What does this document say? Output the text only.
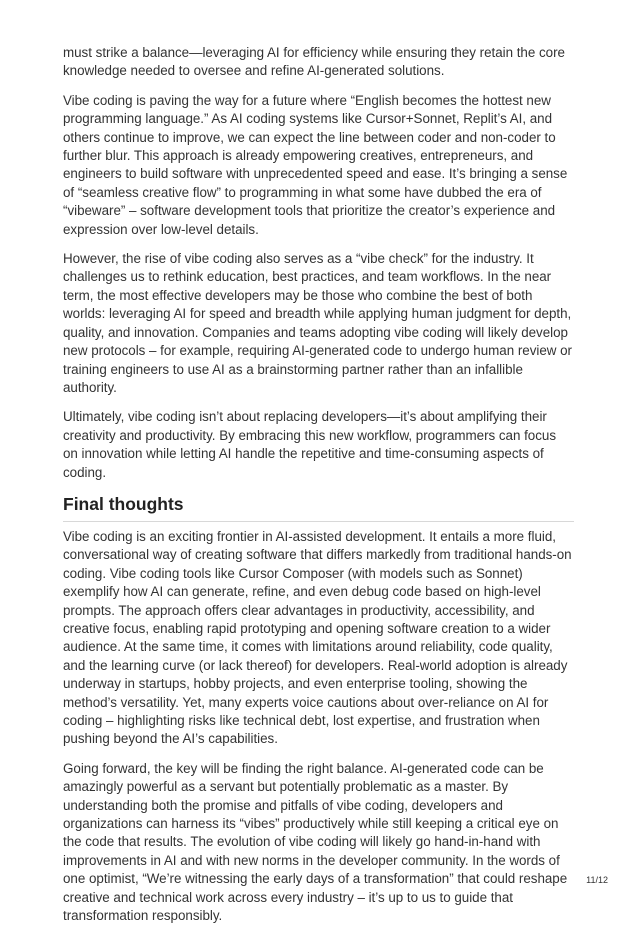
must strike a balance—leveraging AI for efficiency while ensuring they retain the core knowledge needed to oversee and refine AI-generated solutions.

Vibe coding is paving the way for a future where “English becomes the hottest new programming language.” As AI coding systems like Cursor+Sonnet, Replit’s AI, and others continue to improve, we can expect the line between coder and non-coder to further blur. This approach is already empowering creatives, entrepreneurs, and engineers to build software with unprecedented speed and ease. It’s bringing a sense of “seamless creative flow” to programming in what some have dubbed the era of “vibeware” – software development tools that prioritize the creator’s experience and expression over low-level details.

However, the rise of vibe coding also serves as a “vibe check” for the industry. It challenges us to rethink education, best practices, and team workflows. In the near term, the most effective developers may be those who combine the best of both worlds: leveraging AI for speed and breadth while applying human judgment for depth, quality, and innovation. Companies and teams adopting vibe coding will likely develop new protocols – for example, requiring AI-generated code to undergo human review or training engineers to use AI as a brainstorming partner rather than an infallible authority.

Ultimately, vibe coding isn’t about replacing developers—it’s about amplifying their creativity and productivity. By embracing this new workflow, programmers can focus on innovation while letting AI handle the repetitive and time-consuming aspects of coding.

Final thoughts

Vibe coding is an exciting frontier in AI-assisted development. It entails a more fluid, conversational way of creating software that differs markedly from traditional hands-on coding. Vibe coding tools like Cursor Composer (with models such as Sonnet) exemplify how AI can generate, refine, and even debug code based on high-level prompts. The approach offers clear advantages in productivity, accessibility, and creative focus, enabling rapid prototyping and opening software creation to a wider audience. At the same time, it comes with limitations around reliability, code quality, and the learning curve (or lack thereof) for developers. Real-world adoption is already underway in startups, hobby projects, and even enterprise tooling, showing the method’s versatility. Yet, many experts voice cautions about over-reliance on AI for coding – highlighting risks like technical debt, lost expertise, and frustration when pushing beyond the AI’s capabilities.

Going forward, the key will be finding the right balance. AI-generated code can be amazingly powerful as a servant but potentially problematic as a master. By understanding both the promise and pitfalls of vibe coding, developers and organizations can harness its “vibes” productively while still keeping a critical eye on the code that results. The evolution of vibe coding will likely go hand-in-hand with improvements in AI and with new norms in the developer community. In the words of one optimist, “We’re witnessing the early days of a transformation” that could reshape creative and technical work across every industry – it’s up to us to guide that transformation responsibly.

11/12
